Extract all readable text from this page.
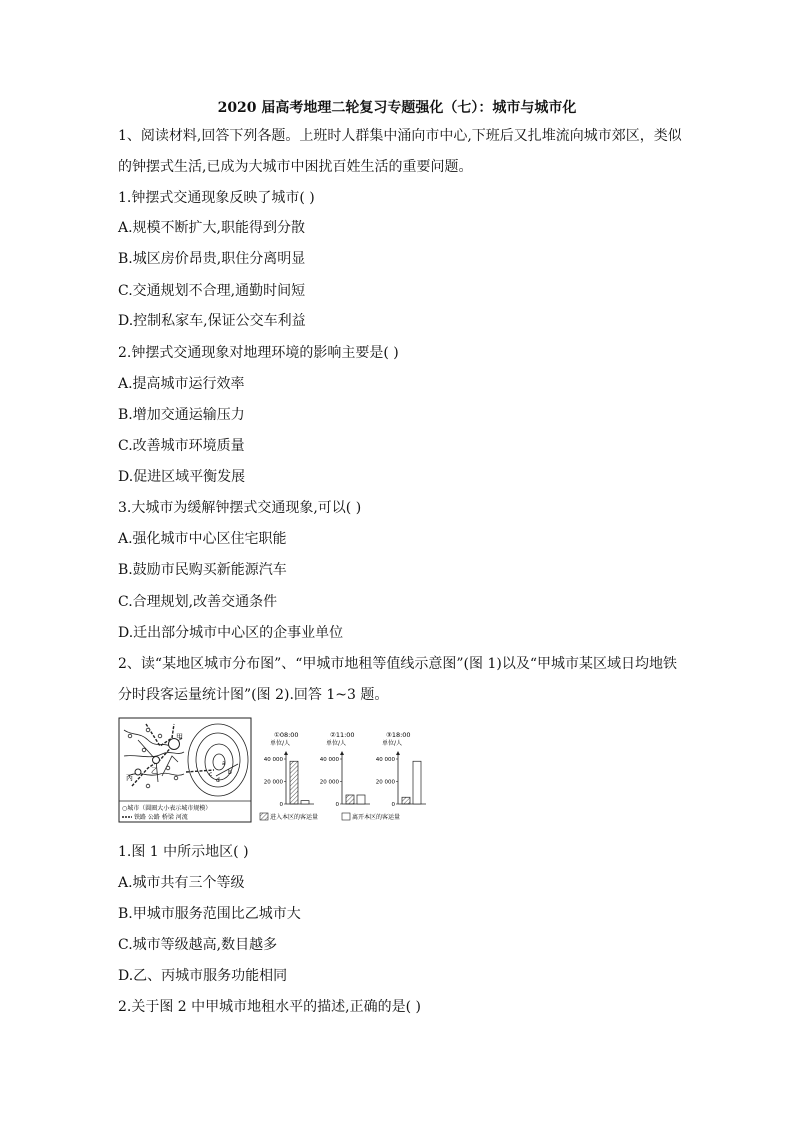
2020 届高考地理二轮复习专题强化（七）：城市与城市化
1、阅读材料,回答下列各题。上班时人群集中涌向市中心,下班后又扎堆流向城市郊区，类似
的钟摆式生活,已成为大城市中困扰百姓生活的重要问题。
1.钟摆式交通现象反映了城市( )
A.规模不断扩大,职能得到分散
B.城区房价昂贵,职住分离明显
C.交通规划不合理,通勤时间短
D.控制私家车,保证公交车利益
2.钟摆式交通现象对地理环境的影响主要是( )
A.提高城市运行效率
B.增加交通运输压力
C.改善城市环境质量
D.促进区域平衡发展
3.大城市为缓解钟摆式交通现象,可以( )
A.强化城市中心区住宅职能
B.鼓励市民购买新能源汽车
C.合理规划,改善交通条件
D.迁出部分城市中心区的企事业单位
2、读“某地区城市分布图”、“甲城市地租等值线示意图”(图 1)以及“甲城市某区域日均地铁
分时段客运量统计图”(图 2).回答 1~3 题。
甲
乙
丙
a
b
c
d
○城市（圆圈大小表示城市规模）
铁路 公路 桥梁 河流
①08:00
单位/人
0
20 000
40 000
②11:00
单位/人
0
20 000
40 000
③18:00
单位/人
0
20 000
40 000
进入本区的客运量	离开本区的客运量
1.图 1 中所示地区( )
A.城市共有三个等级
B.甲城市服务范围比乙城市大
C.城市等级越高,数目越多
D.乙、丙城市服务功能相同
2.关于图 2 中甲城市地租水平的描述,正确的是( )
